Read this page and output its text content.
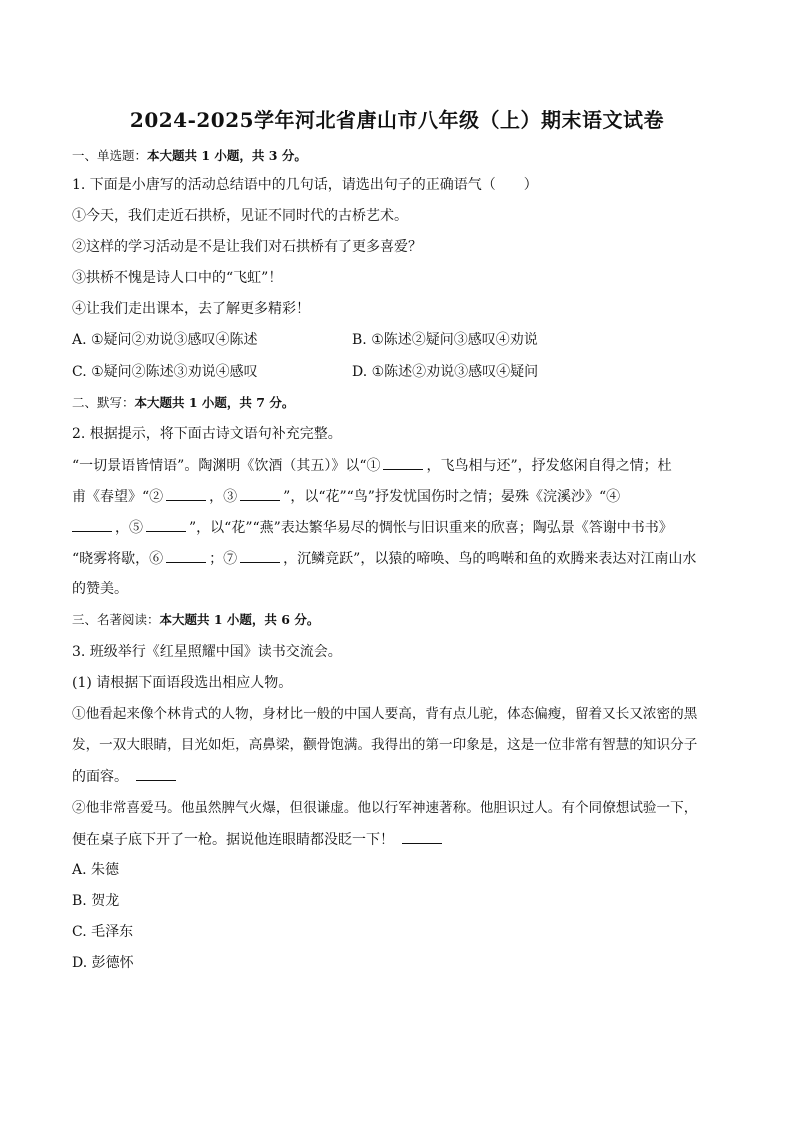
2024-2025学年河北省唐山市八年级（上）期末语文试卷
一、单选题：本大题共 1 小题，共 3 分。
1. 下面是小唐写的活动总结语中的几句话，请选出句子的正确语气（　　）
①今天，我们走近石拱桥，见证不同时代的古桥艺术。
②这样的学习活动是不是让我们对石拱桥有了更多喜爱？
③拱桥不愧是诗人口中的“飞虹”！
④让我们走出课本，去了解更多精彩！
A. ①疑问②劝说③感叹④陈述	B. ①陈述②疑问③感叹④劝说
C. ①疑问②陈述③劝说④感叹	D. ①陈述②劝说③感叹④疑问
二、默写：本大题共 1 小题，共 7 分。
2. 根据提示，将下面古诗文语句补充完整。
“一切景语皆情语”。陶渊明《饮酒（其五）》以“①	，飞鸟相与还”，抒发悠闲自得之情；杜
甫《春望》“②	，③	”，以“花”“鸟”抒发忧国伤时之情；晏殊《浣溪沙》“④
，⑤	”，以“花”“燕”表达繁华易尽的惆怅与旧识重来的欣喜；陶弘景《答谢中书书》
“晓雾将歇，⑥	；⑦	，沉鳞竞跃”，以猿的啼唤、鸟的鸣啭和鱼的欢腾来表达对江南山水
的赞美。
三、名著阅读：本大题共 1 小题，共 6 分。
3. 班级举行《红星照耀中国》读书交流会。
(1) 请根据下面语段选出相应人物。
①他看起来像个林肯式的人物，身材比一般的中国人要高，背有点儿驼，体态偏瘦，留着又长又浓密的黑
发，一双大眼睛，目光如炬，高鼻梁，颧骨饱满。我得出的第一印象是，这是一位非常有智慧的知识分子
的面容。
②他非常喜爱马。他虽然脾气火爆，但很谦虚。他以行军神速著称。他胆识过人。有个同僚想试验一下，
便在桌子底下开了一枪。据说他连眼睛都没眨一下！
A. 朱德
B. 贺龙
C. 毛泽东
D. 彭德怀
